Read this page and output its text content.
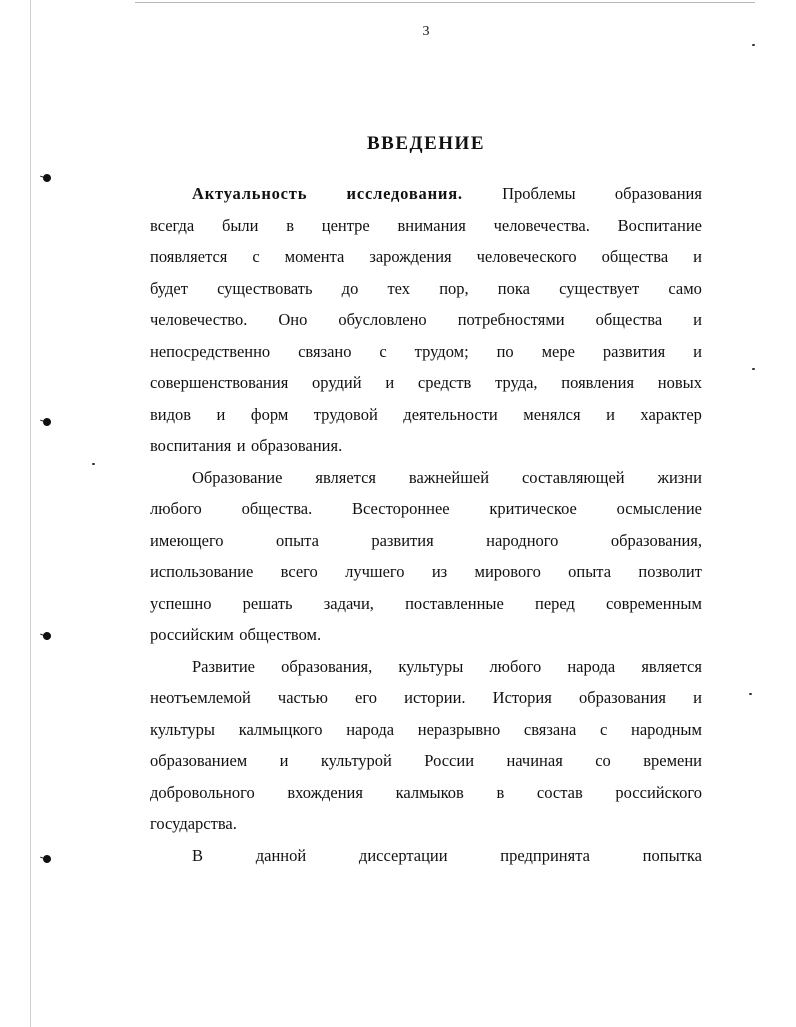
3
ВВЕДЕНИЕ
Актуальность исследования. Проблемы образования
всегда были в центре внимания человечества. Воспитание
появляется с момента зарождения человеческого общества и
будет существовать до тех пор, пока существует само
человечество. Оно обусловлено потребностями общества и
непосредственно связано с трудом; по мере развития и
совершенствования орудий и средств труда, появления новых
видов и форм трудовой деятельности менялся и характер
воспитания и образования.
Образование является важнейшей составляющей жизни
любого общества. Всестороннее критическое осмысление
имеющего	опыта	развития	народного	образования,
использование всего лучшего из мирового опыта позволит
успешно решать задачи, поставленные перед современным
российским обществом.
Развитие образования, культуры любого народа является
неотъемлемой частью его истории. История образования и
культуры калмыцкого народа неразрывно связана с народным
образованием и культурой России начиная со времени
добровольного вхождения калмыков в состав российского
государства.
В	данной	диссертации	предпринята	попытка
